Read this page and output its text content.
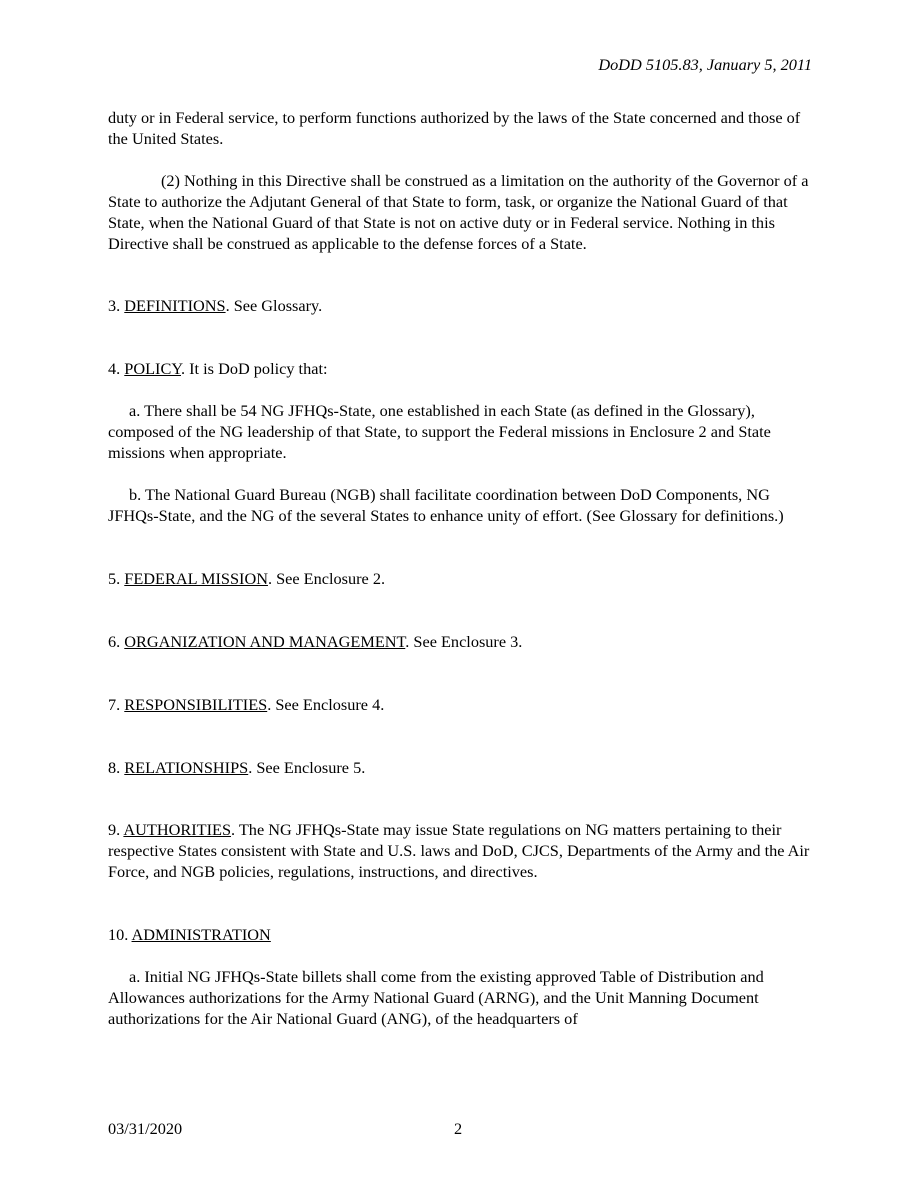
DoDD 5105.83, January 5, 2011

duty or in Federal service, to perform functions authorized by the laws of the State concerned and those of the United States.

(2) Nothing in this Directive shall be construed as a limitation on the authority of the Governor of a State to authorize the Adjutant General of that State to form, task, or organize the National Guard of that State, when the National Guard of that State is not on active duty or in Federal service. Nothing in this Directive shall be construed as applicable to the defense forces of a State.

3. DEFINITIONS. See Glossary.

4. POLICY. It is DoD policy that:

a. There shall be 54 NG JFHQs-State, one established in each State (as defined in the Glossary), composed of the NG leadership of that State, to support the Federal missions in Enclosure 2 and State missions when appropriate.

b. The National Guard Bureau (NGB) shall facilitate coordination between DoD Components, NG JFHQs-State, and the NG of the several States to enhance unity of effort. (See Glossary for definitions.)

5. FEDERAL MISSION. See Enclosure 2.

6. ORGANIZATION AND MANAGEMENT. See Enclosure 3.

7. RESPONSIBILITIES. See Enclosure 4.

8. RELATIONSHIPS. See Enclosure 5.

9. AUTHORITIES. The NG JFHQs-State may issue State regulations on NG matters pertaining to their respective States consistent with State and U.S. laws and DoD, CJCS, Departments of the Army and the Air Force, and NGB policies, regulations, instructions, and directives.

10. ADMINISTRATION

a. Initial NG JFHQs-State billets shall come from the existing approved Table of Distribution and Allowances authorizations for the Army National Guard (ARNG), and the Unit Manning Document authorizations for the Air National Guard (ANG), of the headquarters of

03/31/2020	2
